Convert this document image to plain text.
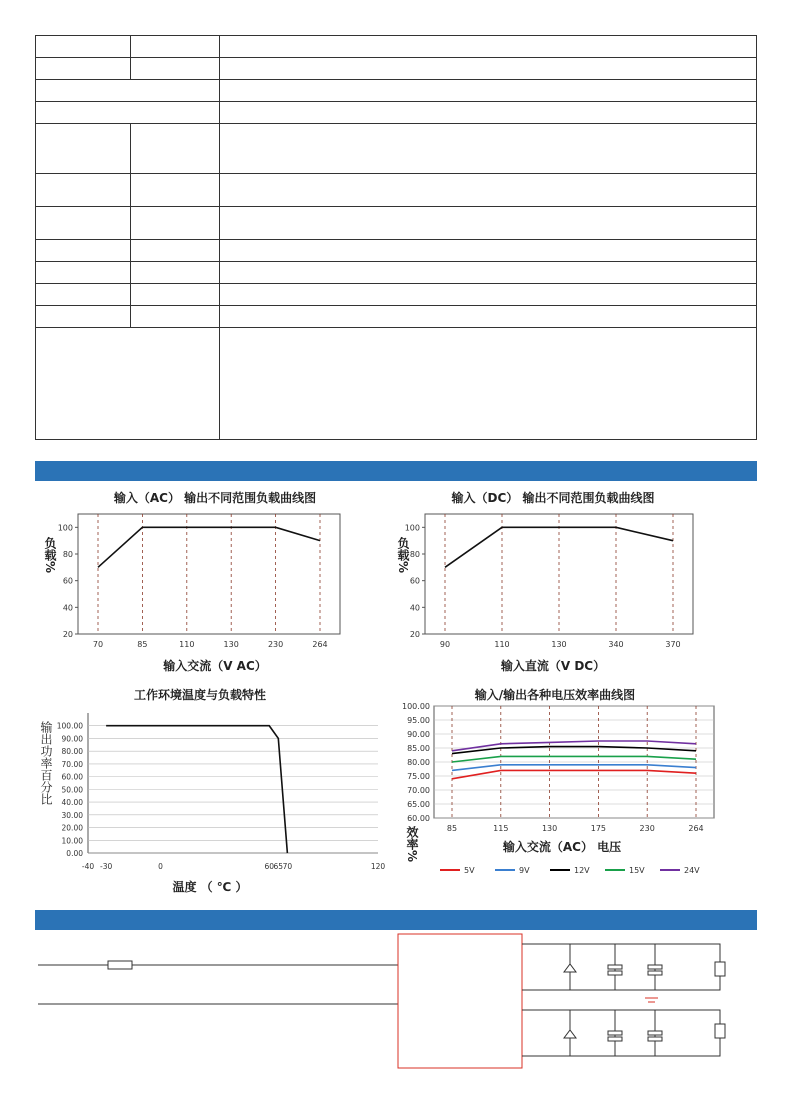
20
40
60
80
100
70	85	110	130	230	264
输入（AC） 输出不同范围负载曲线图
输入交流（V AC）
负载%
20
40
60
80
100
90	110	130	340	370
输入（DC） 输出不同范围负载曲线图
输入直流（V DC）
负载%
0.00
10.00
20.00
30.00
40.00
50.00
60.00
70.00
80.00
90.00
100.00
-40 -30	0	60 65 70	120
工作环境温度与负载特性
温度 （ ℃ ）
输出功率百分比
60.00
65.00
70.00
75.00
80.00
85.00
90.00
95.00
100.00
85	115	130	175	230	264
输入/输出各种电压效率曲线图
输入交流（AC） 电压
效率%
5V	9V	12V	15V	24V
